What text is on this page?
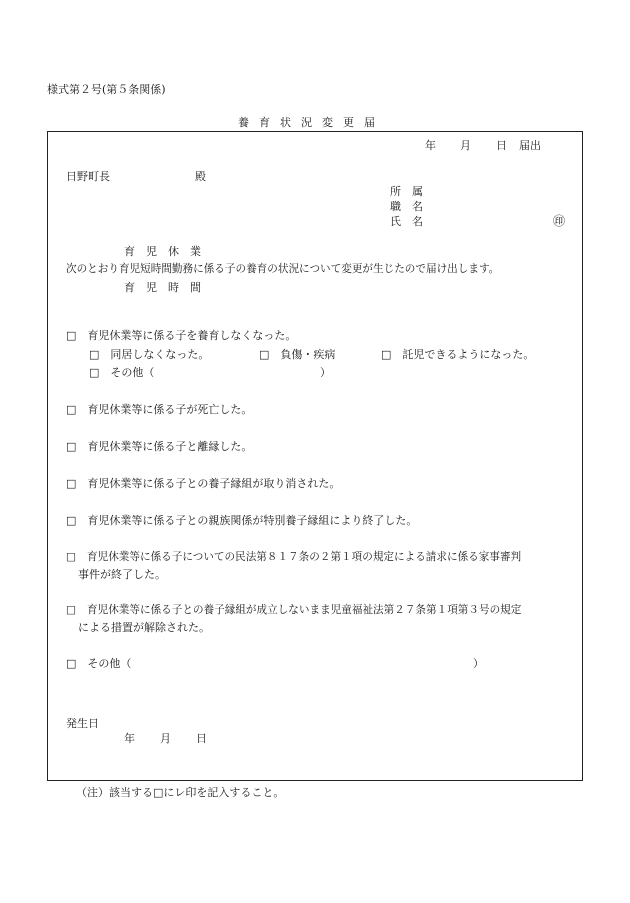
様式第２号(第５条関係)
養育状況変更届
年 月 日 届出
日野町長	殿
所　属
職　名
氏　名	㊞
育　児　休　業
次のとおり育児短時間勤務に係る子の養育の状況について変更が生じたので届け出します。
育　児　時　間
□ 育児休業等に係る子を養育しなくなった。
□ 同居しなくなった。	□ 負傷・疾病	□ 託児できるようになった。
□ その他（	）
□ 育児休業等に係る子が死亡した。
□ 育児休業等に係る子と離縁した。
□ 育児休業等に係る子との養子縁組が取り消された。
□ 育児休業等に係る子との親族関係が特別養子縁組により終了した。
□ 育児休業等に係る子についての民法第８１７条の２第１項の規定による請求に係る家事審判
事件が終了した。
□ 育児休業等に係る子との養子縁組が成立しないまま児童福祉法第２７条第１項第３号の規定
による措置が解除された。
□ その他（	）
発生日
年 月 日
（注）該当する□にレ印を記入すること。
